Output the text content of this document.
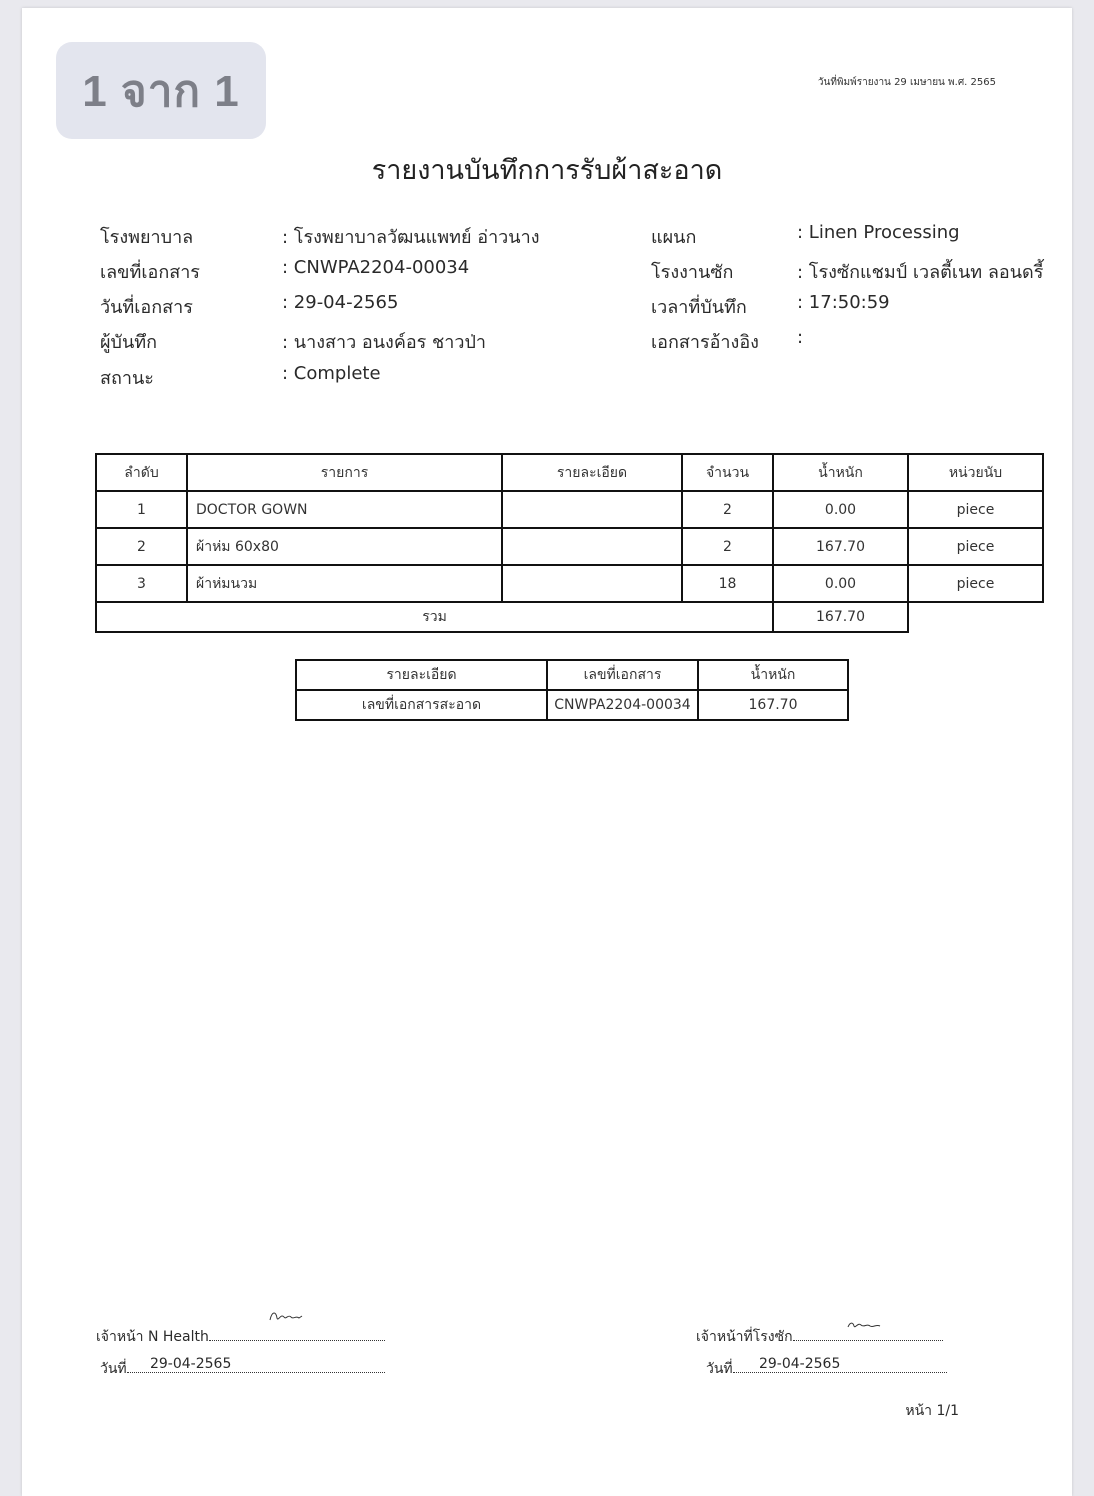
1 จาก 1	วันที่พิมพ์รายงาน 29 เมษายน พ.ศ. 2565
รายงานบันทึกการรับผ้าสะอาด
โรงพยาบาล	: โรงพยาบาลวัฒนแพทย์ อ่าวนาง
เลขที่เอกสาร	: CNWPA2204-00034
วันที่เอกสาร	: 29-04-2565
ผู้บันทึก	: นางสาว อนงค์อร ชาวป่า
สถานะ	: Complete
แผนก	: Linen Processing
โรงงานซัก	: โรงซักแชมป์ เวลตี้เนท ลอนดรี้
เวลาที่บันทึก	: 17:50:59
เอกสารอ้างอิง :
ลำดับ	รายการ	รายละเอียด	จำนวน	น้ำหนัก	หน่วยนับ
1	DOCTOR GOWN		2	0.00	piece
2	ผ้าห่ม 60x80		2	167.70	piece
3	ผ้าห่มนวม		18	0.00	piece
รวม				167.70	
รายละเอียด	เลขที่เอกสาร	น้ำหนัก
เลขที่เอกสารสะอาด	CNWPA2204-00034	167.70
เจ้าหน้า N Health
วันที่	29-04-2565
เจ้าหน้าที่โรงซัก
วันที่	29-04-2565
หน้า 1/1
